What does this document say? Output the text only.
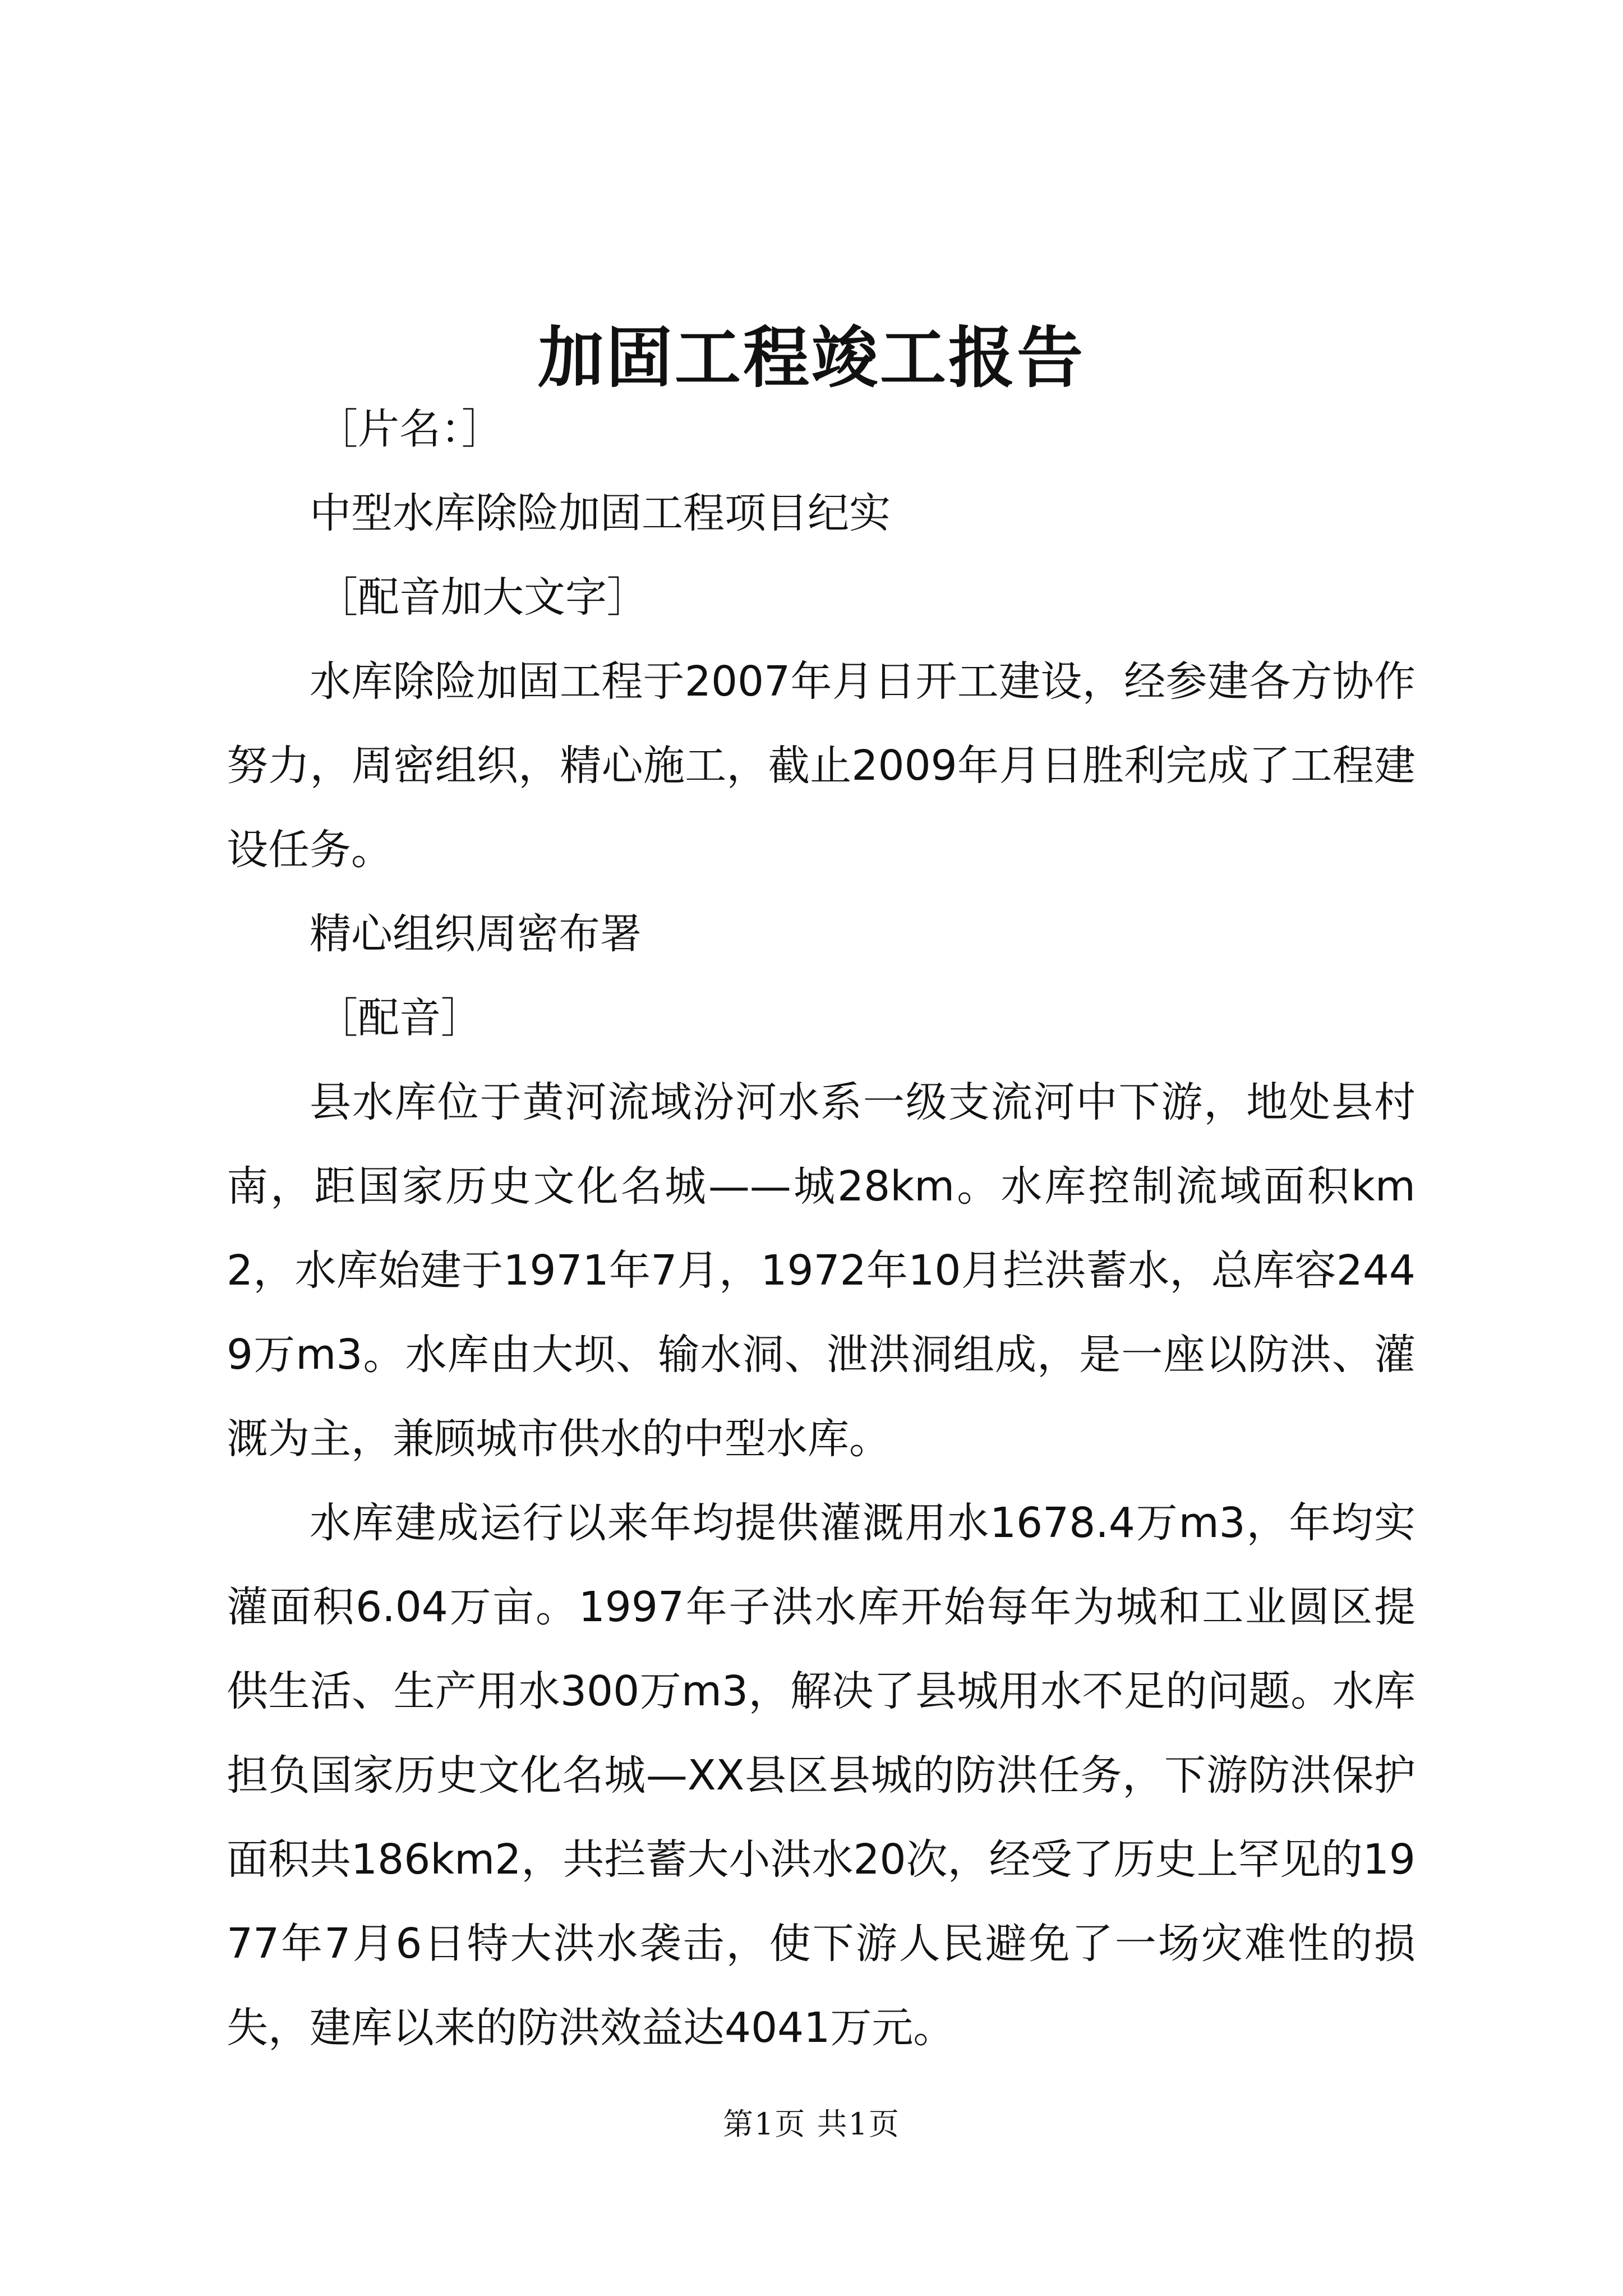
加固工程竣工报告

［片名：］

中型水库除险加固工程项目纪实

［配音加大文字］

水库除险加固工程于2007年月日开工建设，经参建各方协作努力，周密组织，精心施工，截止2009年月日胜利完成了工程建设任务。

精心组织周密布署

［配音］

县水库位于黄河流域汾河水系一级支流河中下游，地处县村南，距国家历史文化名城——城28km。水库控制流域面积km2，水库始建于1971年7月，1972年10月拦洪蓄水，总库容2449万m3。水库由大坝、输水洞、泄洪洞组成，是一座以防洪、灌溉为主，兼顾城市供水的中型水库。

水库建成运行以来年均提供灌溉用水1678.4万m3，年均实灌面积6.04万亩。1997年子洪水库开始每年为城和工业圆区提供生活、生产用水300万m3，解决了县城用水不足的问题。水库担负国家历史文化名城—XX县区县城的防洪任务，下游防洪保护面积共186km2，共拦蓄大小洪水20次，经受了历史上罕见的1977年7月6日特大洪水袭击，使下游人民避免了一场灾难性的损失，建库以来的防洪效益达4041万元。

第1页 共1页
